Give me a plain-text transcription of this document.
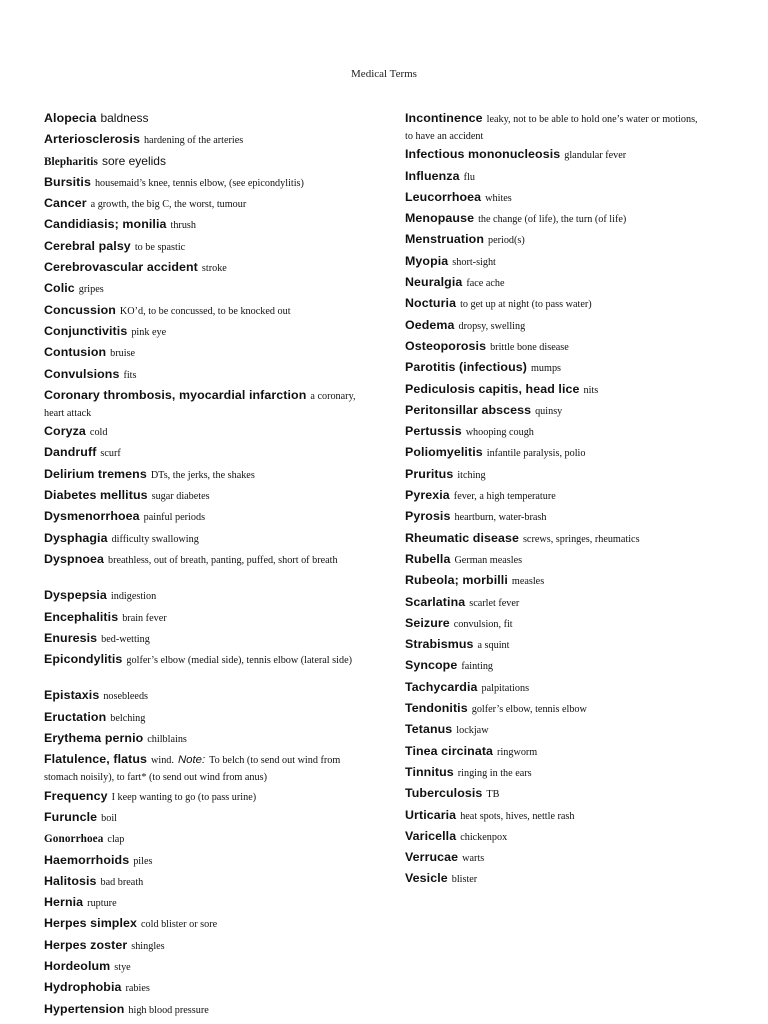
Medical Terms

Alopecia baldness

Arteriosclerosis hardening of the arteries

Blepharitis sore eyelids

Bursitis housemaid’s knee, tennis elbow, (see epicondylitis)

Cancer a growth, the big C, the worst, tumour

Candidiasis; monilia thrush

Cerebral palsy to be spastic

Cerebrovascular accident stroke

Colic gripes

Concussion KO’d, to be concussed, to be knocked out

Conjunctivitis pink eye

Contusion bruise

Convulsions fits

Coronary thrombosis, myocardial infarction a coronary, heart attack

Coryza cold

Dandruff scurf

Delirium tremens DTs, the jerks, the shakes

Diabetes mellitus sugar diabetes

Dysmenorrhoea painful periods

Dysphagia difficulty swallowing

Dyspnoea breathless, out of breath, panting, puffed, short of breath

Dyspepsia indigestion

Encephalitis brain fever

Enuresis bed-wetting

Epicondylitis golfer’s elbow (medial side), tennis elbow (lateral side)

Epistaxis nosebleeds

Eructation belching

Erythema pernio chilblains

Flatulence, flatus wind. Note: To belch (to send out wind from stomach noisily), to fart* (to send out wind from anus)

Frequency I keep wanting to go (to pass urine)

Furuncle boil

Gonorrhoea clap

Haemorrhoids piles

Halitosis bad breath

Hernia rupture

Herpes simplex cold blister or sore

Herpes zoster shingles

Hordeolum stye

Hydrophobia rabies

Hypertension high blood pressure

Incontinence leaky, not to be able to hold one’s water or motions, to have an accident

Infectious mononucleosis glandular fever

Influenza flu

Leucorrhoea whites

Menopause the change (of life), the turn (of life)

Menstruation period(s)

Myopia short-sight

Neuralgia face ache

Nocturia to get up at night (to pass water)

Oedema dropsy, swelling

Osteoporosis brittle bone disease

Parotitis (infectious) mumps

Pediculosis capitis, head lice nits

Peritonsillar abscess quinsy

Pertussis whooping cough

Poliomyelitis infantile paralysis, polio

Pruritus itching

Pyrexia fever, a high temperature

Pyrosis heartburn, water-brash

Rheumatic disease screws, springes, rheumatics

Rubella German measles

Rubeola; morbilli measles

Scarlatina scarlet fever

Seizure convulsion, fit

Strabismus a squint

Syncope fainting

Tachycardia palpitations

Tendonitis golfer’s elbow, tennis elbow

Tetanus lockjaw

Tinea circinata ringworm

Tinnitus ringing in the ears

Tuberculosis TB

Urticaria heat spots, hives, nettle rash

Varicella chickenpox

Verrucae warts

Vesicle blister
